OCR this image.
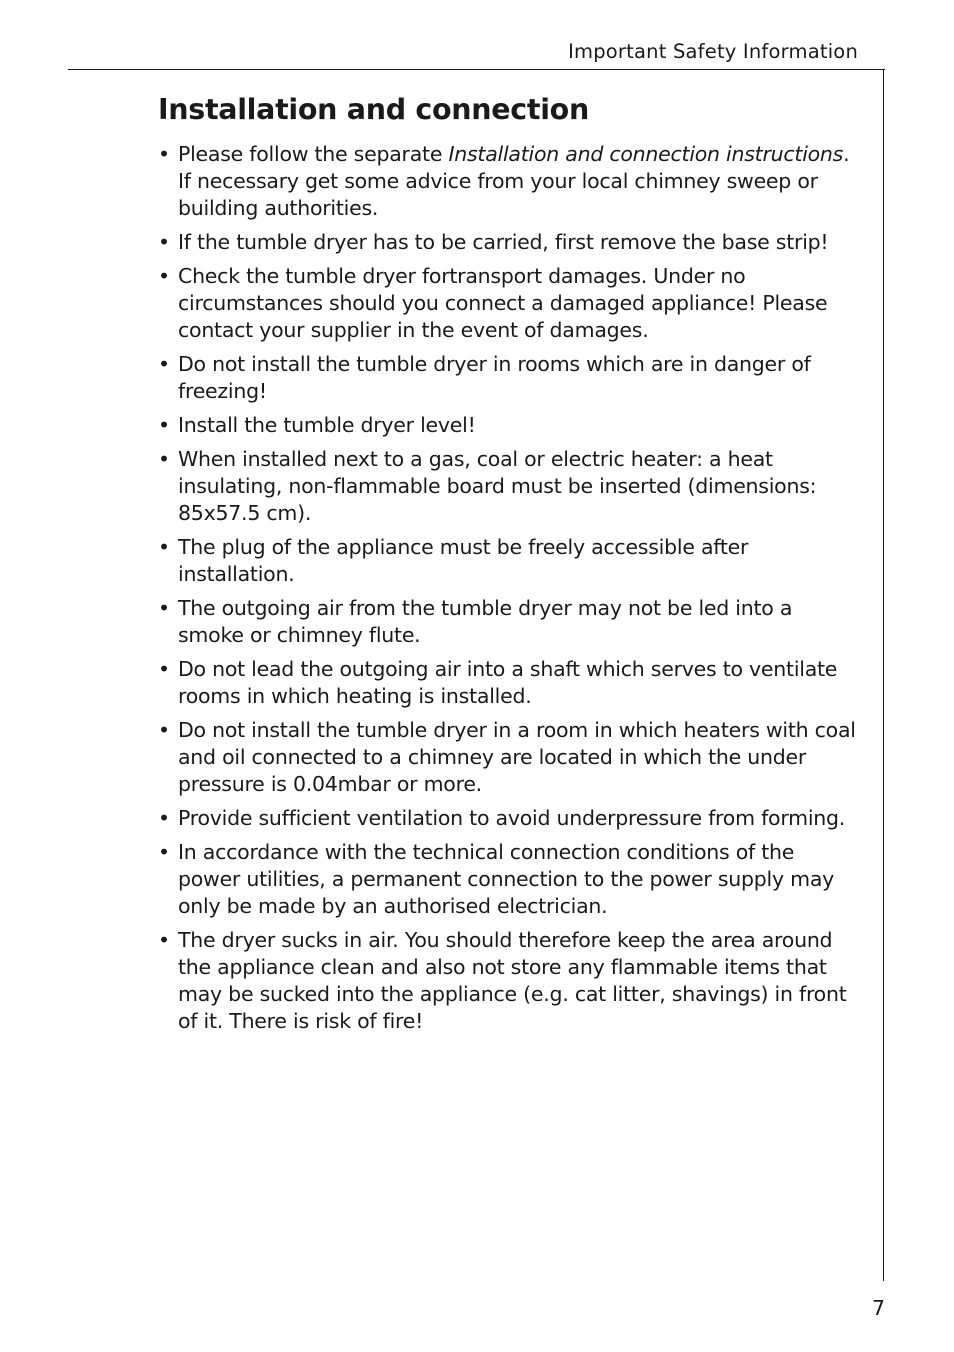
Important Safety Information
Installation and connection
• Please follow the separate Installation and connection instructions. If necessary get some advice from your local chimney sweep or building authorities.
• If the tumble dryer has to be carried, first remove the base strip!
• Check the tumble dryer fortransport damages. Under no circumstances should you connect a damaged appliance! Please contact your supplier in the event of damages.
• Do not install the tumble dryer in rooms which are in danger of freezing!
• Install the tumble dryer level!
• When installed next to a gas, coal or electric heater: a heat insulating, non-flammable board must be inserted (dimensions: 85x57.5 cm).
• The plug of the appliance must be freely accessible after installation.
• The outgoing air from the tumble dryer may not be led into a smoke or chimney flute.
• Do not lead the outgoing air into a shaft which serves to ventilate rooms in which heating is installed.
• Do not install the tumble dryer in a room in which heaters with coal and oil connected to a chimney are located in which the under pressure is 0.04mbar or more.
• Provide sufficient ventilation to avoid underpressure from forming.
• In accordance with the technical connection conditions of the power utilities, a permanent connection to the power supply may only be made by an authorised electrician.
• The dryer sucks in air. You should therefore keep the area around the appliance clean and also not store any flammable items that may be sucked into the appliance (e.g. cat litter, shavings) in front of it. There is risk of fire!
7
